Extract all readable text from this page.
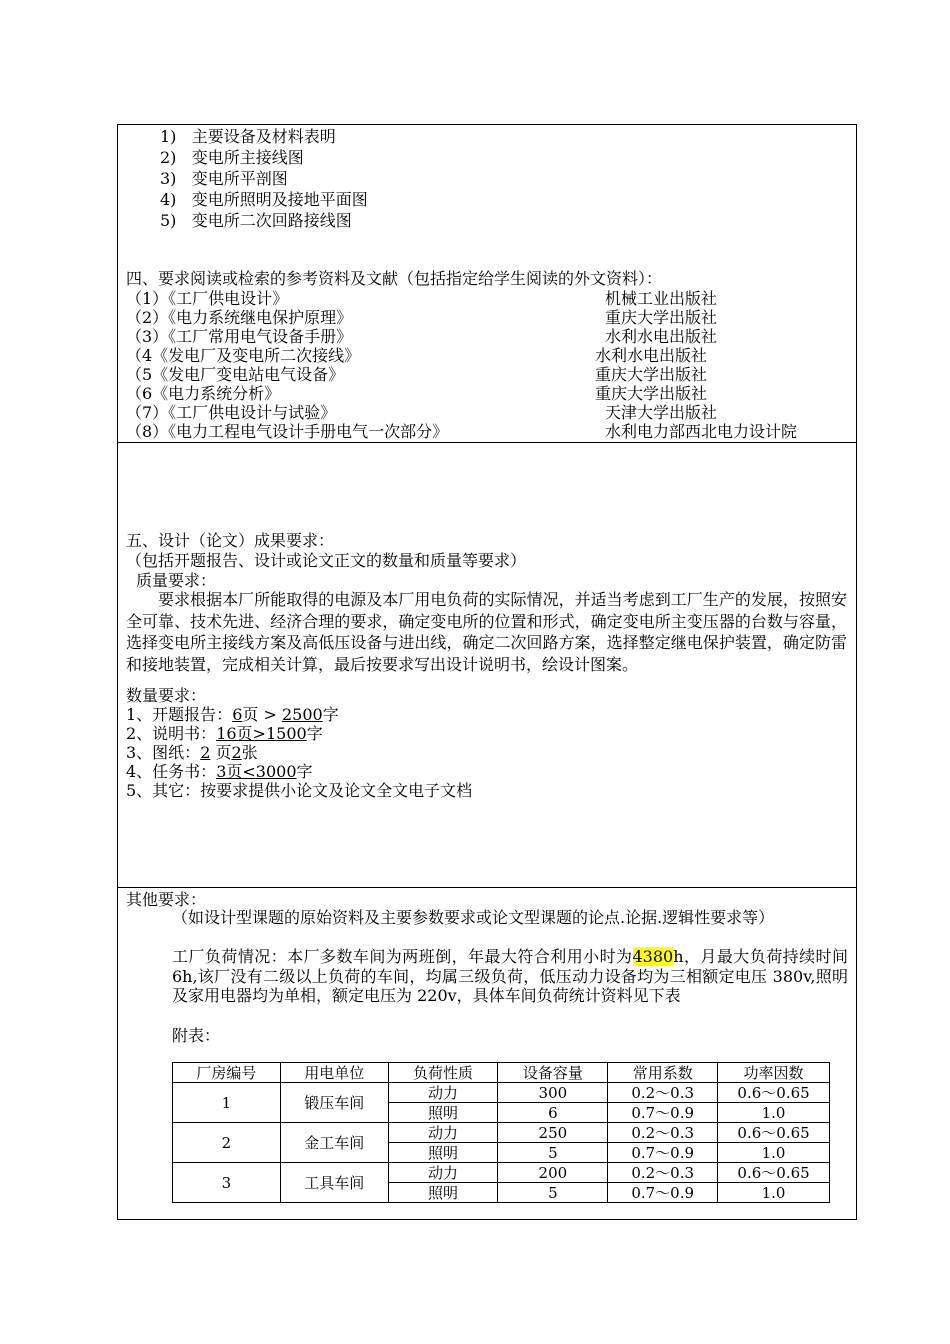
1) 主要设备及材料表明
2) 变电所主接线图
3) 变电所平剖图
4) 变电所照明及接地平面图
5) 变电所二次回路接线图
四、要求阅读或检索的参考资料及文献（包括指定给学生阅读的外文资料）：
（1）《工厂供电设计》	机械工业出版社
（2）《电力系统继电保护原理》	重庆大学出版社
（3）《工厂常用电气设备手册》	水利水电出版社
（4《发电厂及变电所二次接线》	水利水电出版社
（5《发电厂变电站电气设备》	重庆大学出版社
（6《电力系统分析》	重庆大学出版社
（7）《工厂供电设计与试验》	天津大学出版社
（8）《电力工程电气设计手册电气一次部分》	水利电力部西北电力设计院
五、设计（论文）成果要求：
（包括开题报告、设计或论文正文的数量和质量等要求）
质量要求：
要求根据本厂所能取得的电源及本厂用电负荷的实际情况，并适当考虑到工厂生产的发展，按照安全可靠、技术先进、经济合理的要求，确定变电所的位置和形式，确定变电所主变压器的台数与容量，选择变电所主接线方案及高低压设备与进出线，确定二次回路方案，选择整定继电保护装置，确定防雷和接地装置，完成相关计算，最后按要求写出设计说明书，绘设计图案。
数量要求：
1、开题报告：6页 > 2500字
2、说明书：16页>1500字
3、图纸：2 页2张
4、任务书：3页<3000字
5、其它：按要求提供小论文及论文全文电子文档
其他要求：
（如设计型课题的原始资料及主要参数要求或论文型课题的论点.论据.逻辑性要求等）
工厂负荷情况：本厂多数车间为两班倒，年最大符合利用小时为4380h，月最大负荷持续时间 6h,该厂没有二级以上负荷的车间，均属三级负荷，低压动力设备均为三相额定电压 380v,照明及家用电器均为单相，额定电压为 220v，具体车间负荷统计资料见下表
附表：
厂房编号	用电单位	负荷性质	设备容量	常用系数	功率因数
1	锻压车间	动力	300	0.2～0.3	0.6～0.65
		照明	6	0.7～0.9	1.0
2	金工车间	动力	250	0.2～0.3	0.6～0.65
		照明	5	0.7～0.9	1.0
3	工具车间	动力	200	0.2～0.3	0.6～0.65
		照明	5	0.7～0.9	1.0
